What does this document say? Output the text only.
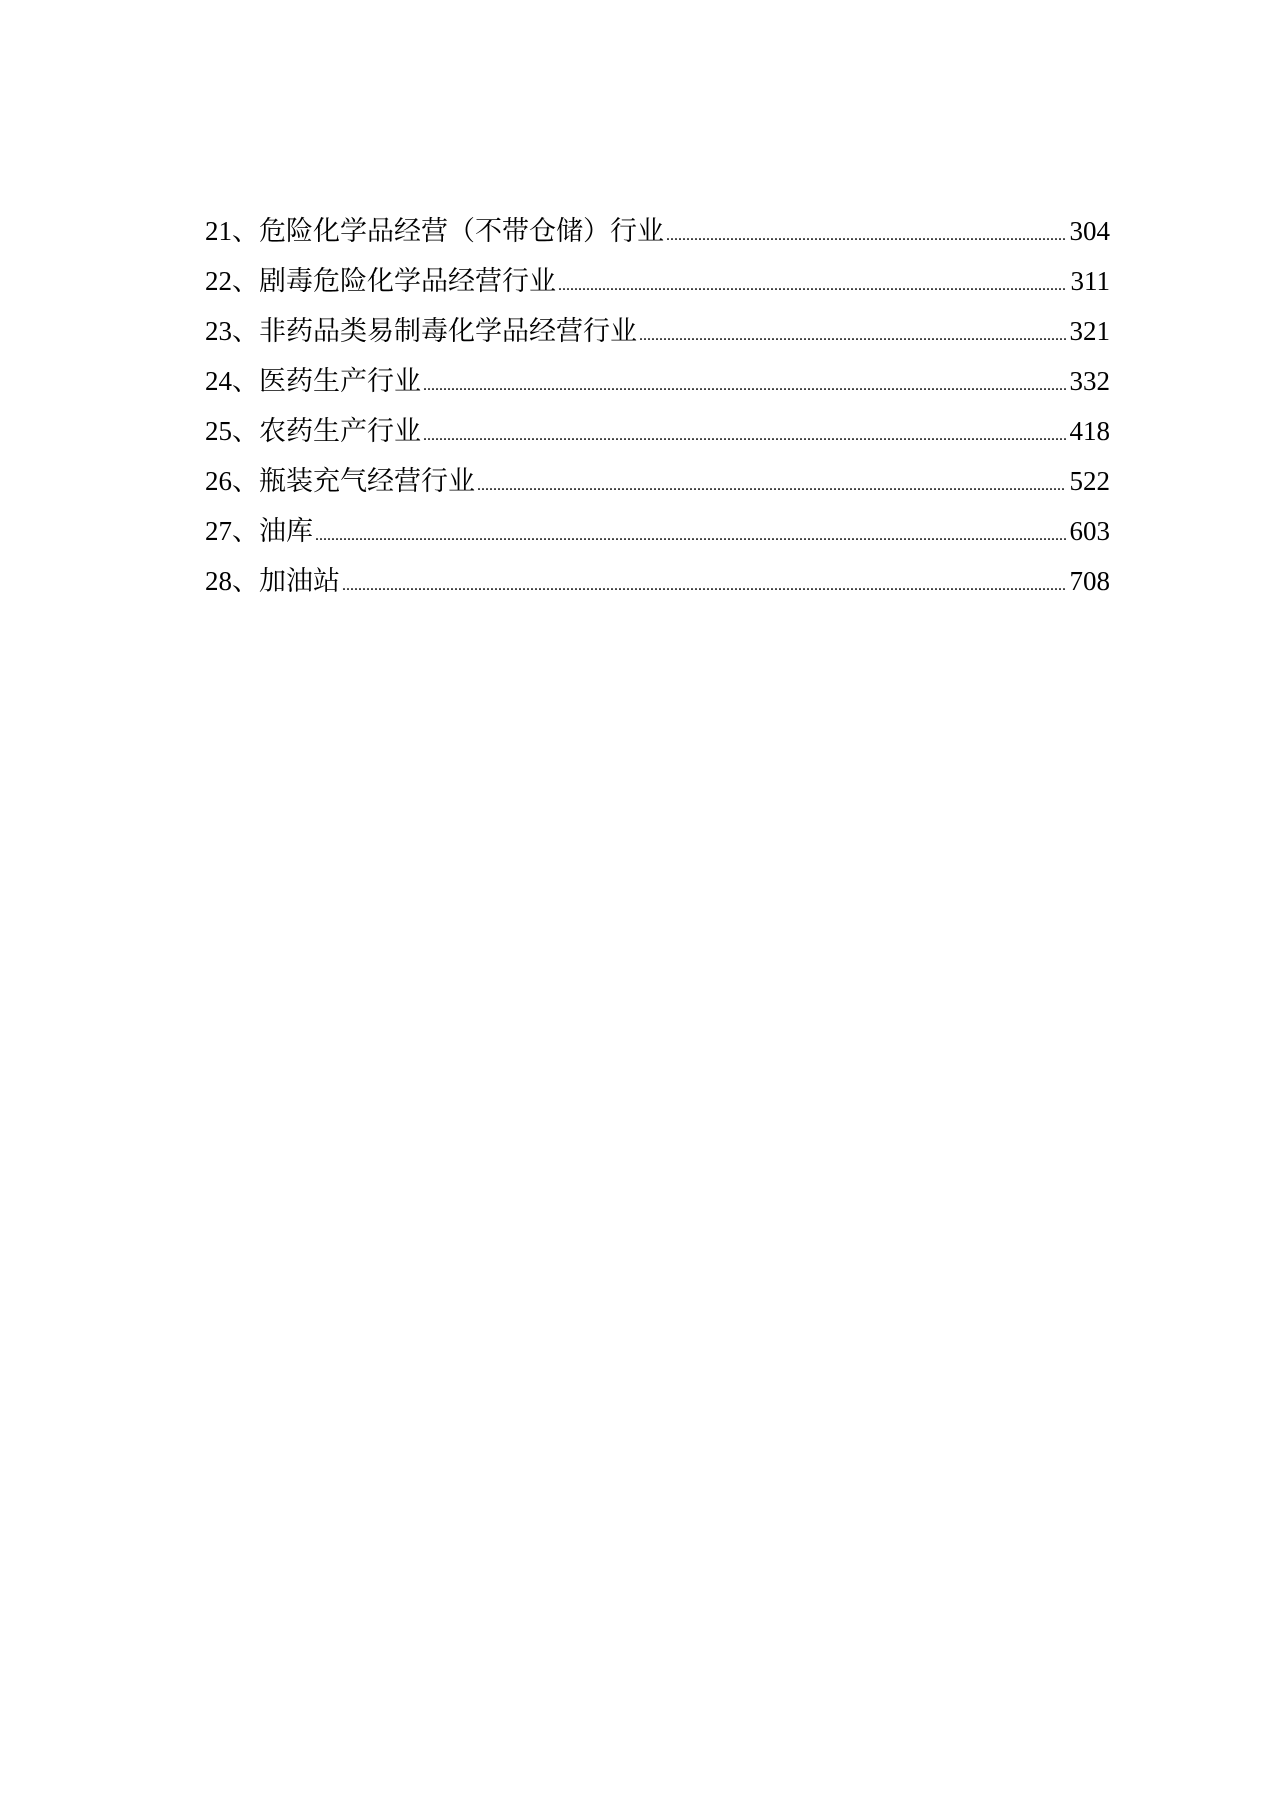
21、危险化学品经营（不带仓储）行业 .....	304
22、剧毒危险化学品经营行业 .....	311
23、非药品类易制毒化学品经营行业 .....	321
24、医药生产行业 .....	332
25、农药生产行业 .....	418
26、瓶装充气经营行业 .....	522
27、油库 .....	603
28、加油站 .....	708
